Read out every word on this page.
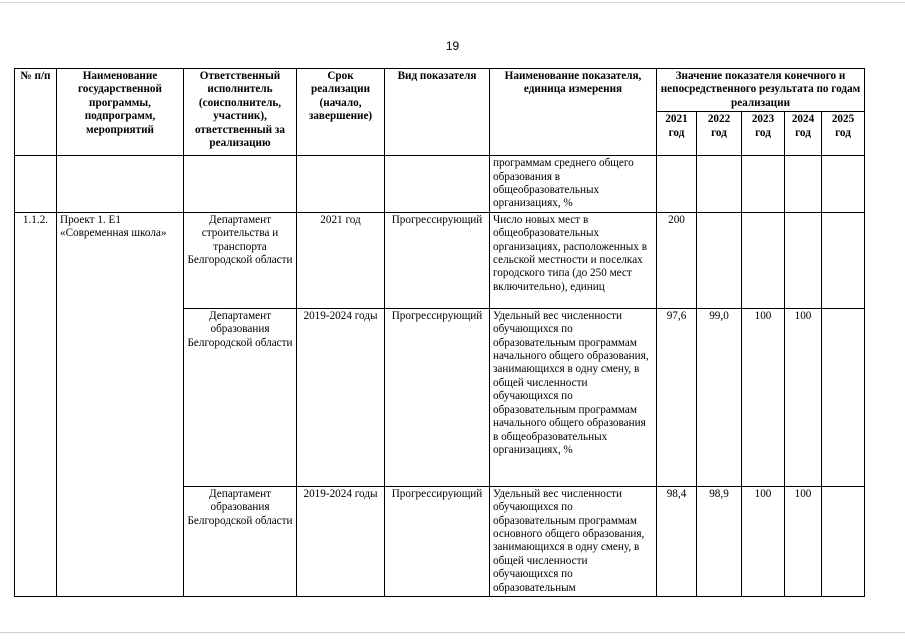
19
№ п/п	Наименование государственной программы, подпрограмм, мероприятий	Ответственный исполнитель (соисполнитель, участник), ответственный за реализацию	Срок реализации (начало, завершение)	Вид показателя	Наименование показателя, единица измерения	Значение показателя конечного и непосредственного результата по годам реализации				
						2021 год	2022 год	2023 год	2024 год	2025 год
					программам среднего общего образования в общеобразовательных организациях, %					
1.1.2.	Проект 1. E1 «Современная школа»	Департамент строительства и транспорта Белгородской области	2021 год	Прогрессирующий	Число новых мест в общеобразовательных организациях, расположенных в сельской местности и поселках городского типа (до 250 мест включительно), единиц	200				
		Департамент образования Белгородской области	2019-2024 годы	Прогрессирующий	Удельный вес численности обучающихся по образовательным программам начального общего образования, занимающихся в одну смену, в общей численности обучающихся по образовательным программам начального общего образования в общеобразовательных организациях, %	97,6	99,0	100	100	
		Департамент образования Белгородской области	2019-2024 годы	Прогрессирующий	Удельный вес численности обучающихся по образовательным программам основного общего образования, занимающихся в одну смену, в общей численности обучающихся по образовательным	98,4	98,9	100	100	
